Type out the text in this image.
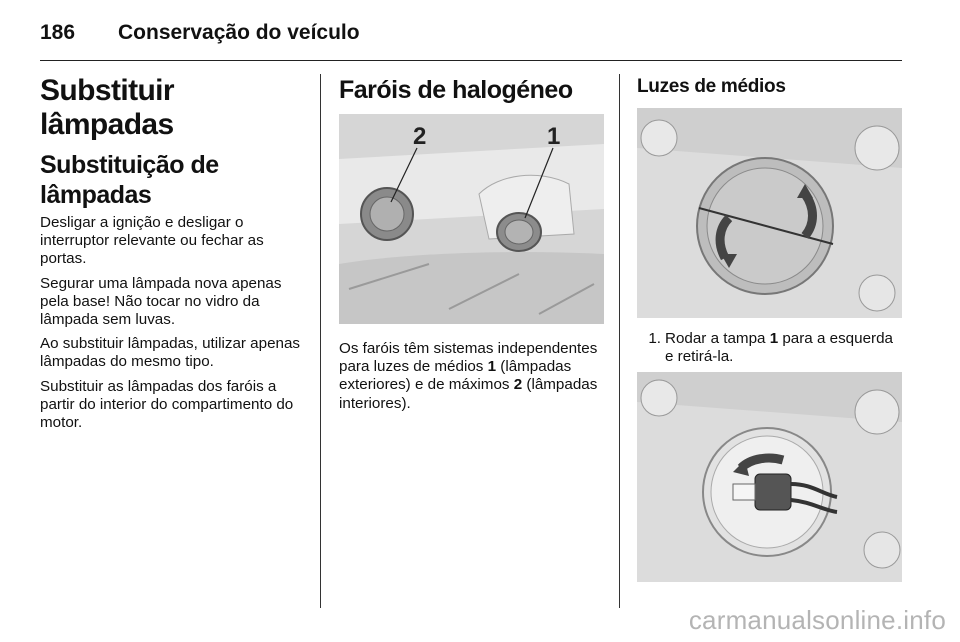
186 Conservação do veículo
Substituir lâmpadas
Substituição de lâmpadas

Desligar a ignição e desligar o interruptor relevante ou fechar as portas.

Segurar uma lâmpada nova apenas pela base! Não tocar no vidro da lâmpada sem luvas.

Ao substituir lâmpadas, utilizar apenas lâmpadas do mesmo tipo.

Substituir as lâmpadas dos faróis a partir do interior do compartimento do motor.

Faróis de halogéneo
2	1

Os faróis têm sistemas independentes para luzes de médios 1 (lâmpadas exteriores) e de máximos 2 (lâmpadas interiores).

Luzes de médios
1. Rodar a tampa 1 para a esquerda e retirá-la.
carmanualsonline.info
